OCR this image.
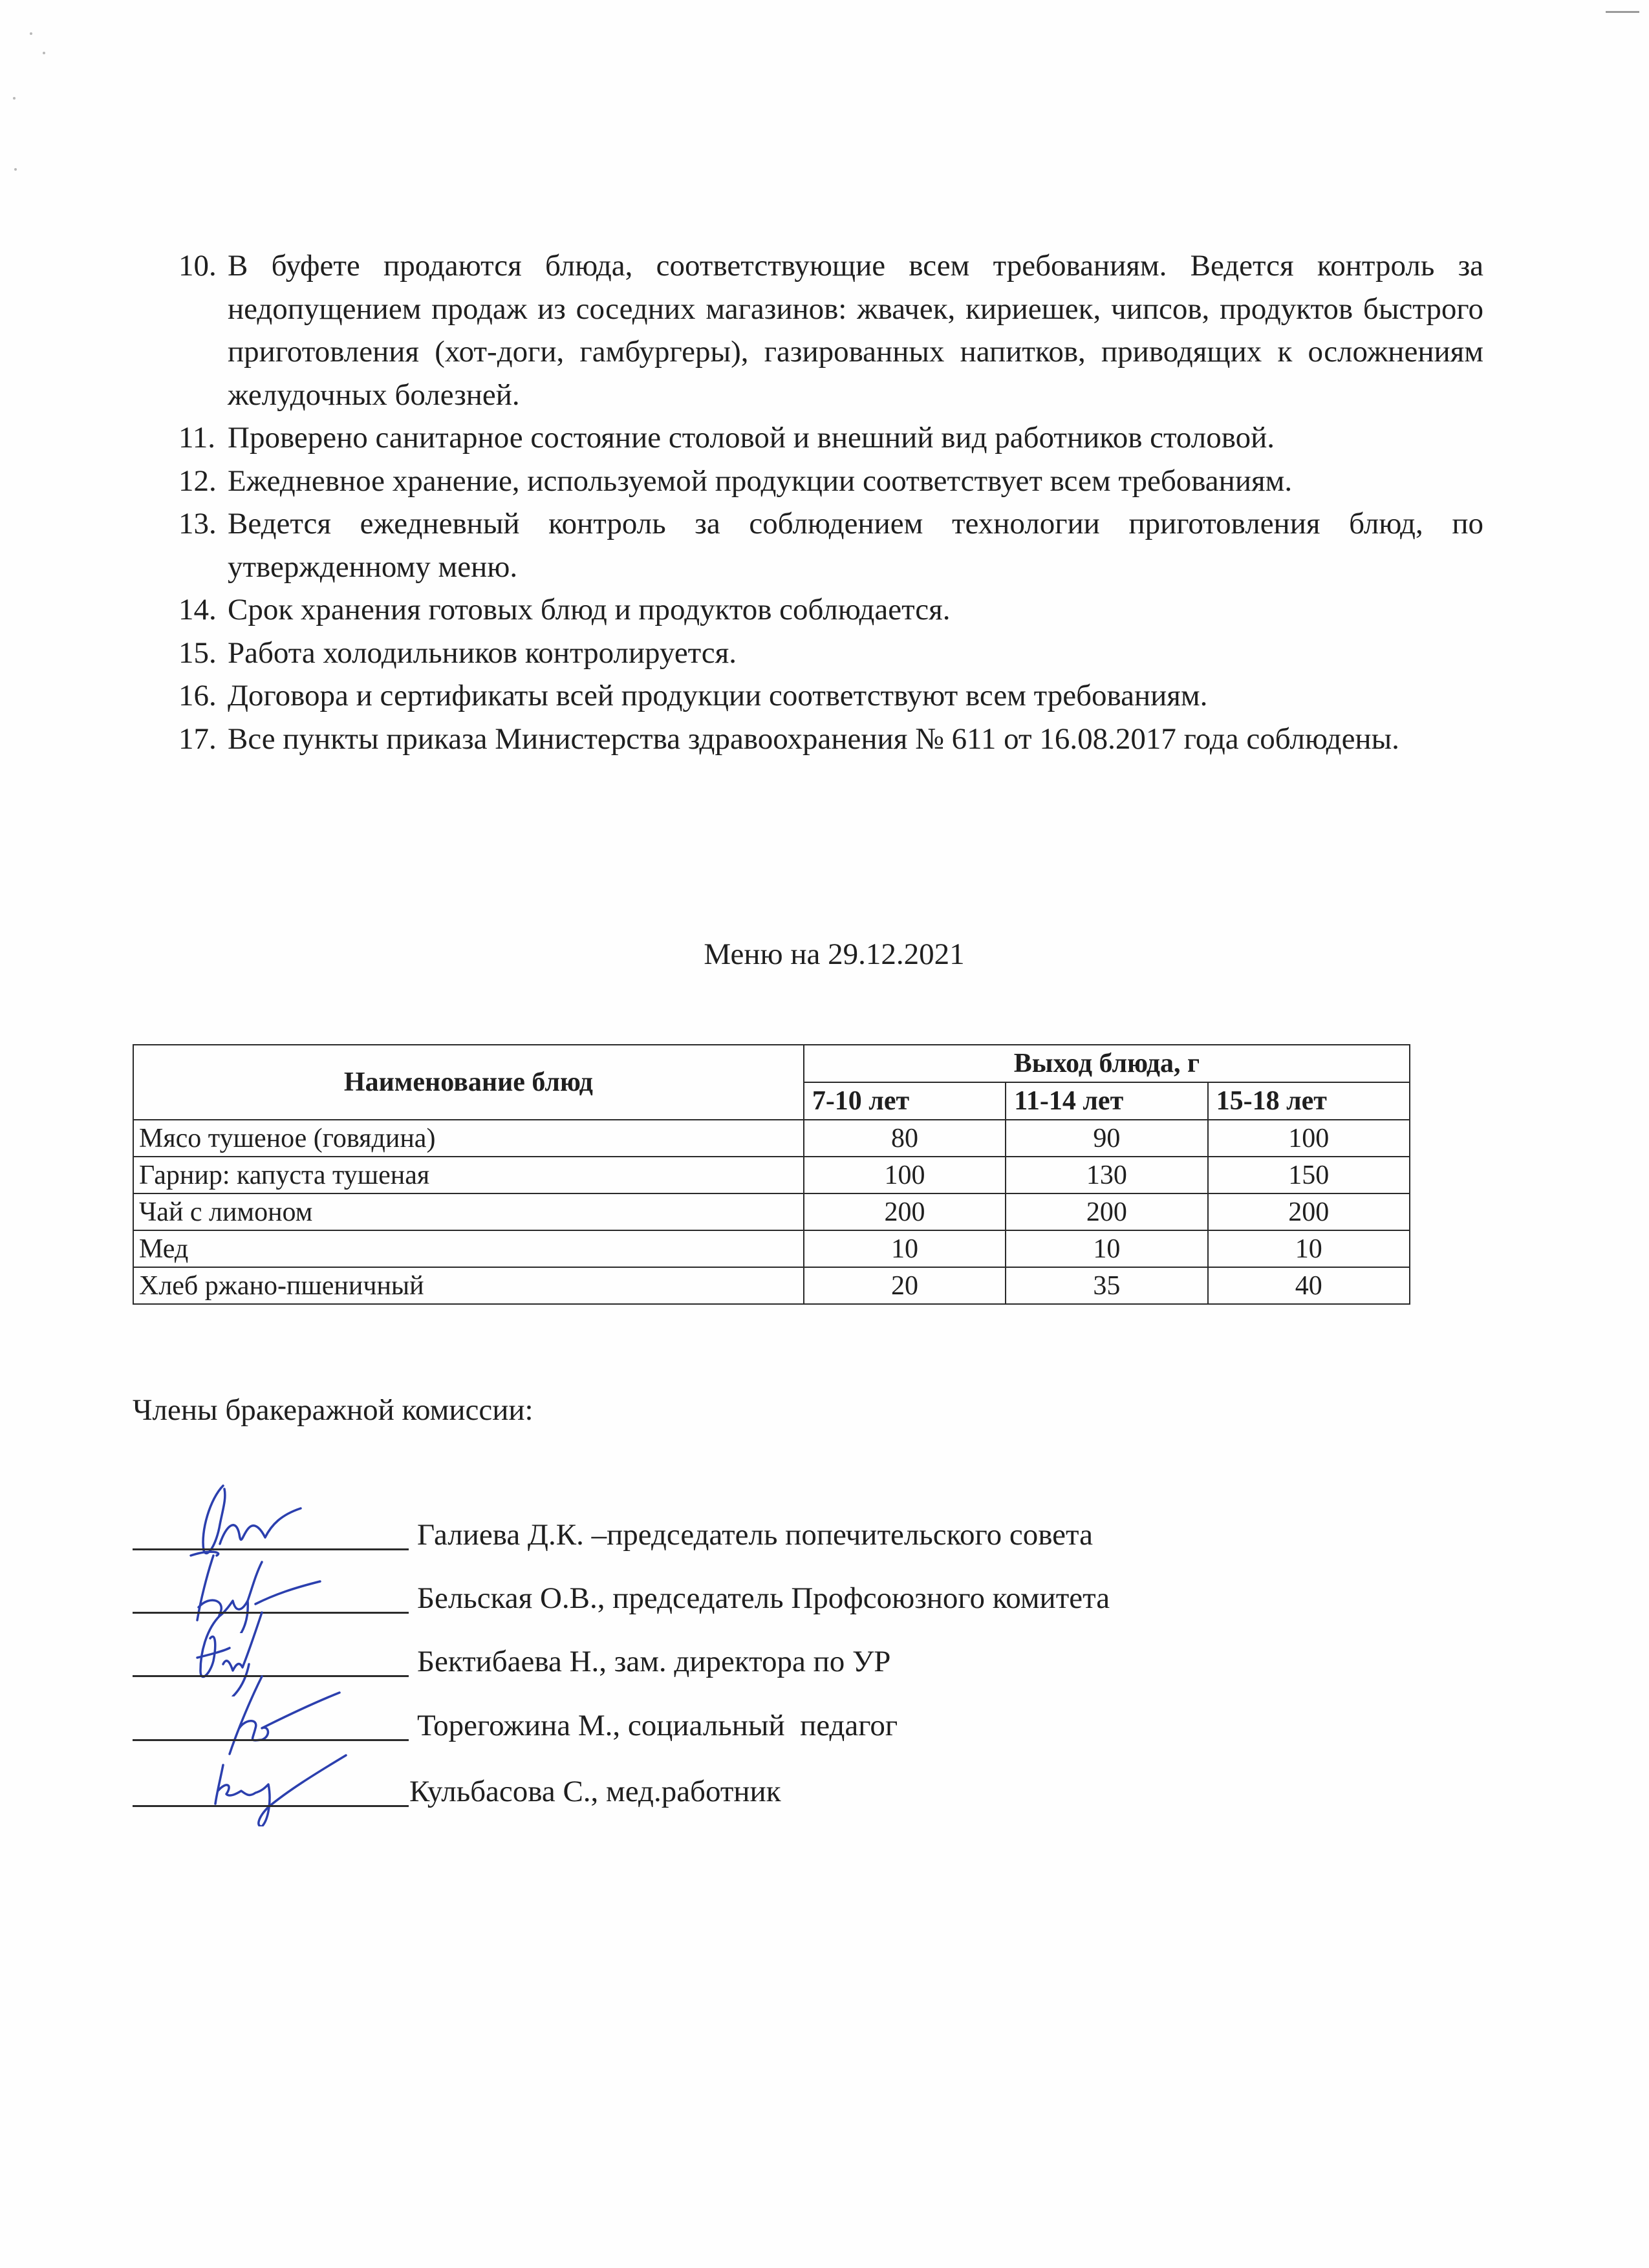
10. В буфете продаются блюда, соответствующие всем требованиям. Ведется контроль за недопущением продаж из соседних магазинов: жвачек, кириешек, чипсов, продуктов быстрого приготовления (хот-доги, гамбургеры), газированных напитков, приводящих к осложнениям желудочных болезней.
11. Проверено санитарное состояние столовой и внешний вид работников столовой.
12. Ежедневное хранение, используемой продукции соответствует всем требованиям.
13. Ведется ежедневный контроль за соблюдением технологии приготовления блюд, по утвержденному меню.
14. Срок хранения готовых блюд и продуктов соблюдается.
15. Работа холодильников контролируется.
16. Договора и сертификаты всей продукции соответствуют всем требованиям.
17. Все пункты приказа Министерства здравоохранения № 611 от 16.08.2017 года соблюдены.
Меню на 29.12.2021
Наименование блюд	Выход блюда, г		
	7-10 лет	11-14 лет	15-18 лет
Мясо тушеное (говядина)	80	90	100
Гарнир: капуста тушеная	100	130	150
Чай с лимоном	200	200	200
Мед	10	10	10
Хлеб ржано-пшеничный	20	35	40
Члены бракеражной комиссии:
Галиева Д.К. –председатель попечительского совета
Бельская О.В., председатель Профсоюзного комитета
Бектибаева Н., зам. директора по УР
Торегожина М., социальный  педагог
Кульбасова С., мед.работник
